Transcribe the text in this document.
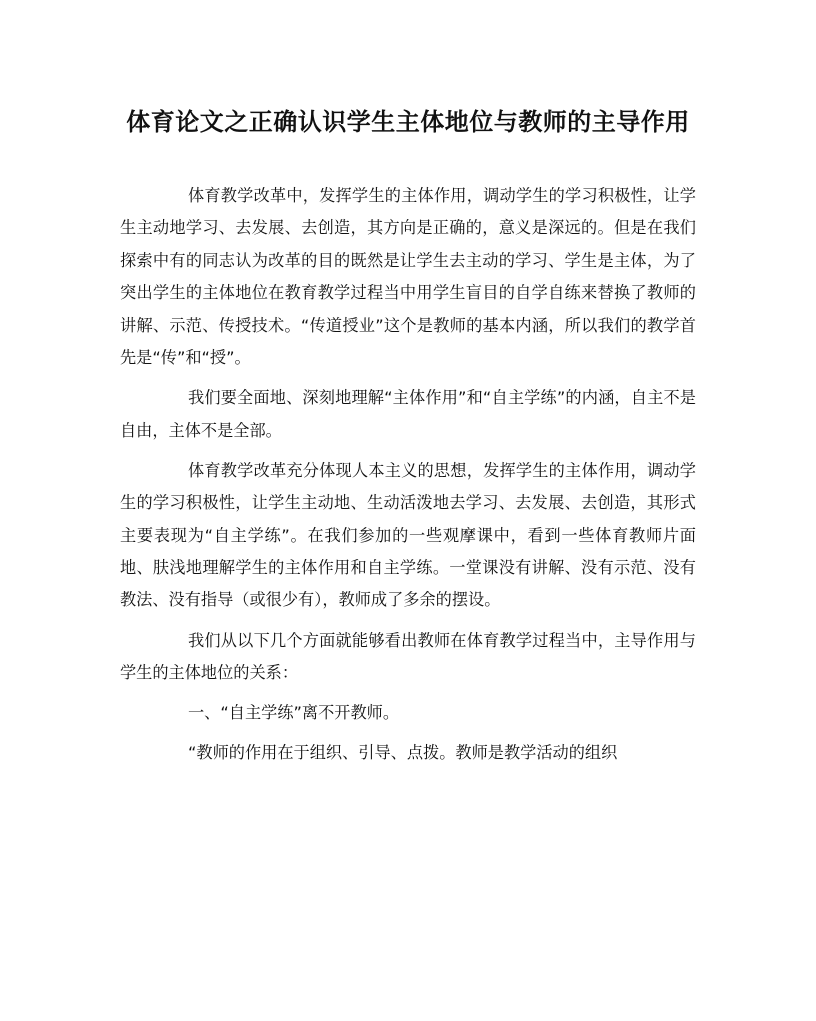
体育论文之正确认识学生主体地位与教师的主导作用

体育教学改革中，发挥学生的主体作用，调动学生的学习积极性，让学生主动地学习、去发展、去创造，其方向是正确的，意义是深远的。但是在我们探索中有的同志认为改革的目的既然是让学生去主动的学习、学生是主体，为了突出学生的主体地位在教育教学过程当中用学生盲目的自学自练来替换了教师的讲解、示范、传授技术。“传道授业”这个是教师的基本内涵，所以我们的教学首先是“传”和“授”。

我们要全面地、深刻地理解“主体作用”和“自主学练”的内涵，自主不是自由，主体不是全部。

体育教学改革充分体现人本主义的思想，发挥学生的主体作用，调动学生的学习积极性，让学生主动地、生动活泼地去学习、去发展、去创造，其形式主要表现为“自主学练”。在我们参加的一些观摩课中，看到一些体育教师片面地、肤浅地理解学生的主体作用和自主学练。一堂课没有讲解、没有示范、没有教法、没有指导（或很少有），教师成了多余的摆设。

我们从以下几个方面就能够看出教师在体育教学过程当中，主导作用与学生的主体地位的关系：

一、“自主学练”离不开教师。

“教师的作用在于组织、引导、点拨。教师是教学活动的组织
